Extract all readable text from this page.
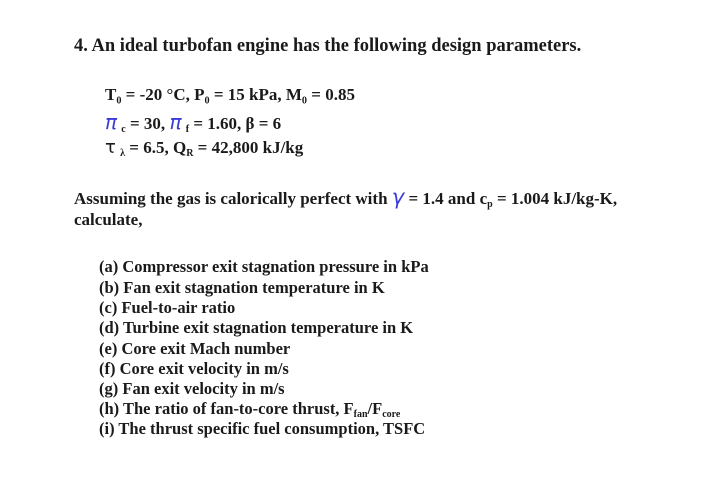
4. An ideal turbofan engine has the following design parameters.
T₀ = -20 °C, P₀ = 15 kPa, M₀ = 0.85
π c = 30, π f = 1.60, β = 6
τ λ = 6.5, QR = 42,800 kJ/kg
Assuming the gas is calorically perfect with γ = 1.4 and cp = 1.004 kJ/kg-K,
calculate,
(a) Compressor exit stagnation pressure in kPa
(b) Fan exit stagnation temperature in K
(c) Fuel-to-air ratio
(d) Turbine exit stagnation temperature in K
(e) Core exit Mach number
(f) Core exit velocity in m/s
(g) Fan exit velocity in m/s
(h) The ratio of fan-to-core thrust, Ffan/Fcore
(i) The thrust specific fuel consumption, TSFC
